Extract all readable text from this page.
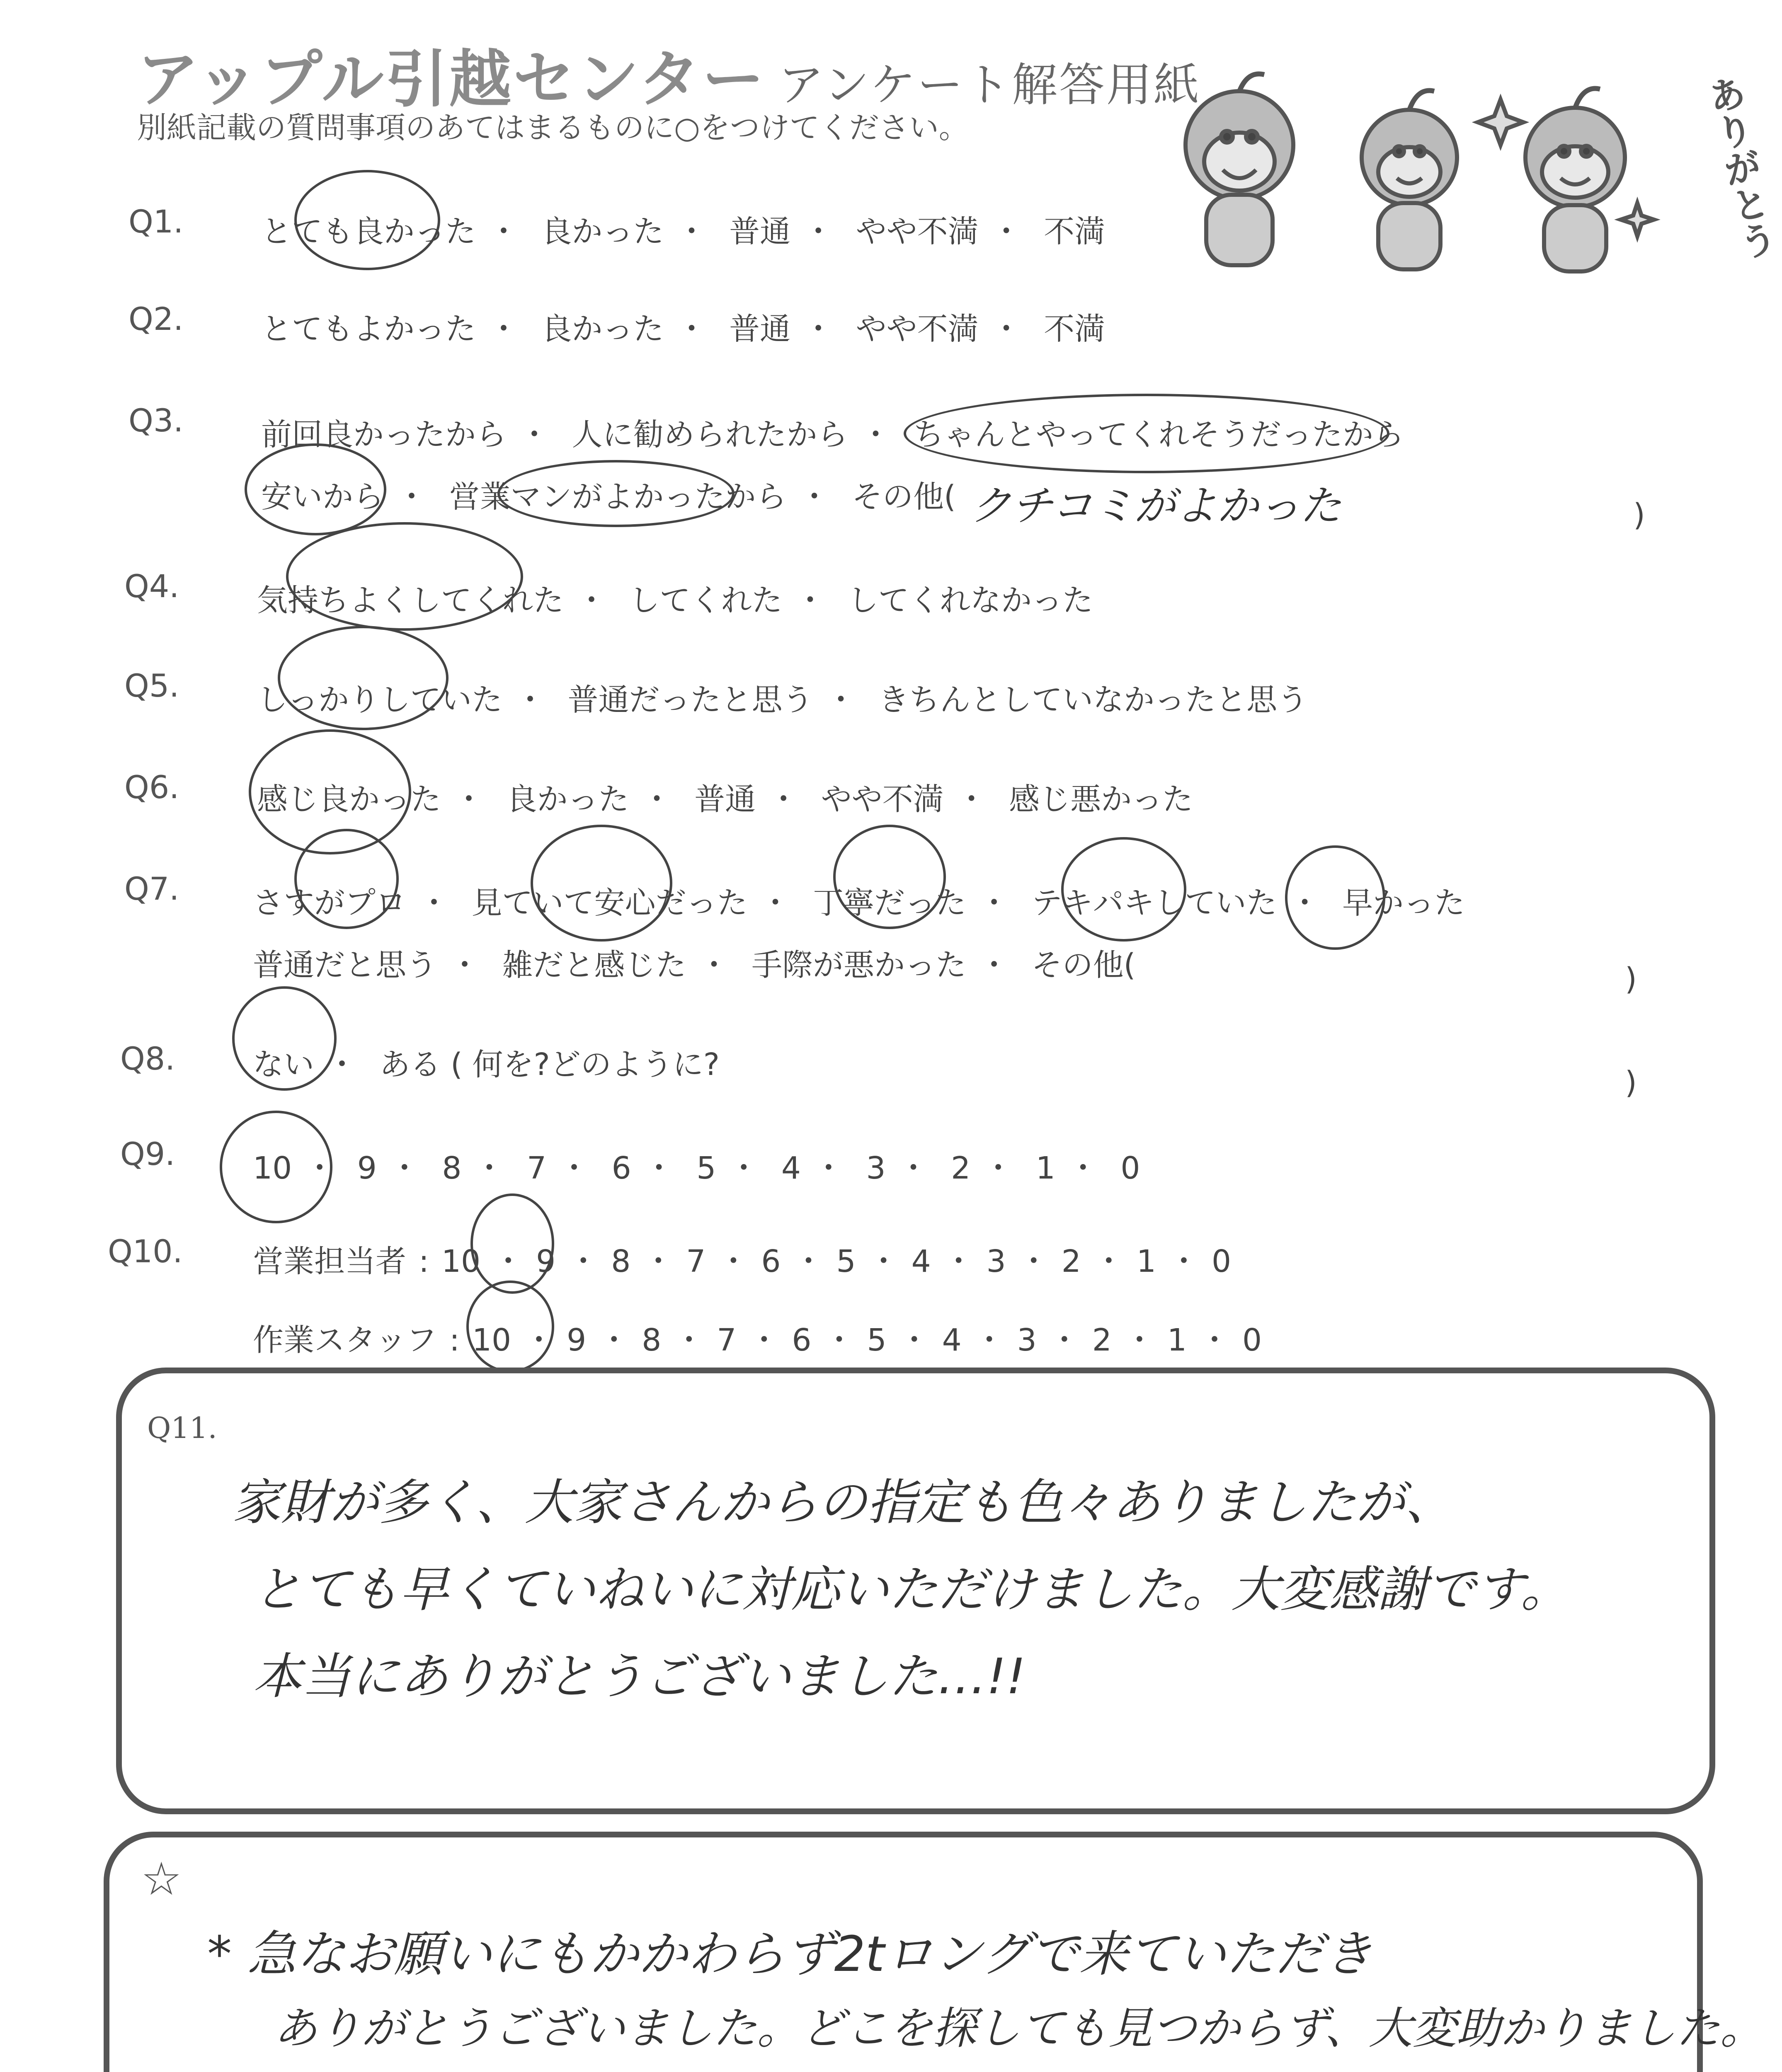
アップル引越センター アンケート解答用紙
別紙記載の質問事項のあてはまるものに○をつけてください。	ありがとう
Q1.	とても良かった ・ 良かった ・ 普通 ・ やや不満 ・ 不満
Q2.	とてもよかった ・ 良かった ・ 普通 ・ やや不満 ・ 不満
Q3.	前回良かったから ・ 人に勧められたから ・ ちゃんとやってくれそうだったから
安いから ・ 営業マンがよかったから ・ その他( クチコミがよかった	)
Q4.	気持ちよくしてくれた ・ してくれた ・ してくれなかった
Q5.	しっかりしていた ・ 普通だったと思う ・ きちんとしていなかったと思う
Q6.	感じ良かった ・ 良かった ・ 普通 ・ やや不満 ・ 感じ悪かった
Q7. さすがプロ ・ 見ていて安心だった ・ 丁寧だった ・ テキパキしていた ・ 早かった
普通だと思う ・ 雑だと感じた ・ 手際が悪かった ・ その他(	)
Q8.	ない ・ ある ( 何を?どのように?
)
Q9.	10 ・ 9 ・ 8 ・ 7 ・ 6 ・ 5 ・ 4 ・ 3 ・ 2 ・ 1 ・ 0
Q10. 営業担当者 : 10 ・ 9 ・ 8 ・ 7 ・ 6 ・ 5 ・ 4 ・ 3 ・ 2 ・ 1 ・ 0
作業スタッフ : 10 ・ 9 ・ 8 ・ 7 ・ 6 ・ 5 ・ 4 ・ 3 ・ 2 ・ 1 ・ 0
Q11.
家財が多く、大家さんからの指定も色々ありましたが、
とても早くていねいに対応いただけました。大変感謝です。
本当にありがとうございました…!!
☆
* 急なお願いにもかかわらず2tロングで来ていただき
ありがとうございました。どこを探しても見つからず、大変助かりました。
